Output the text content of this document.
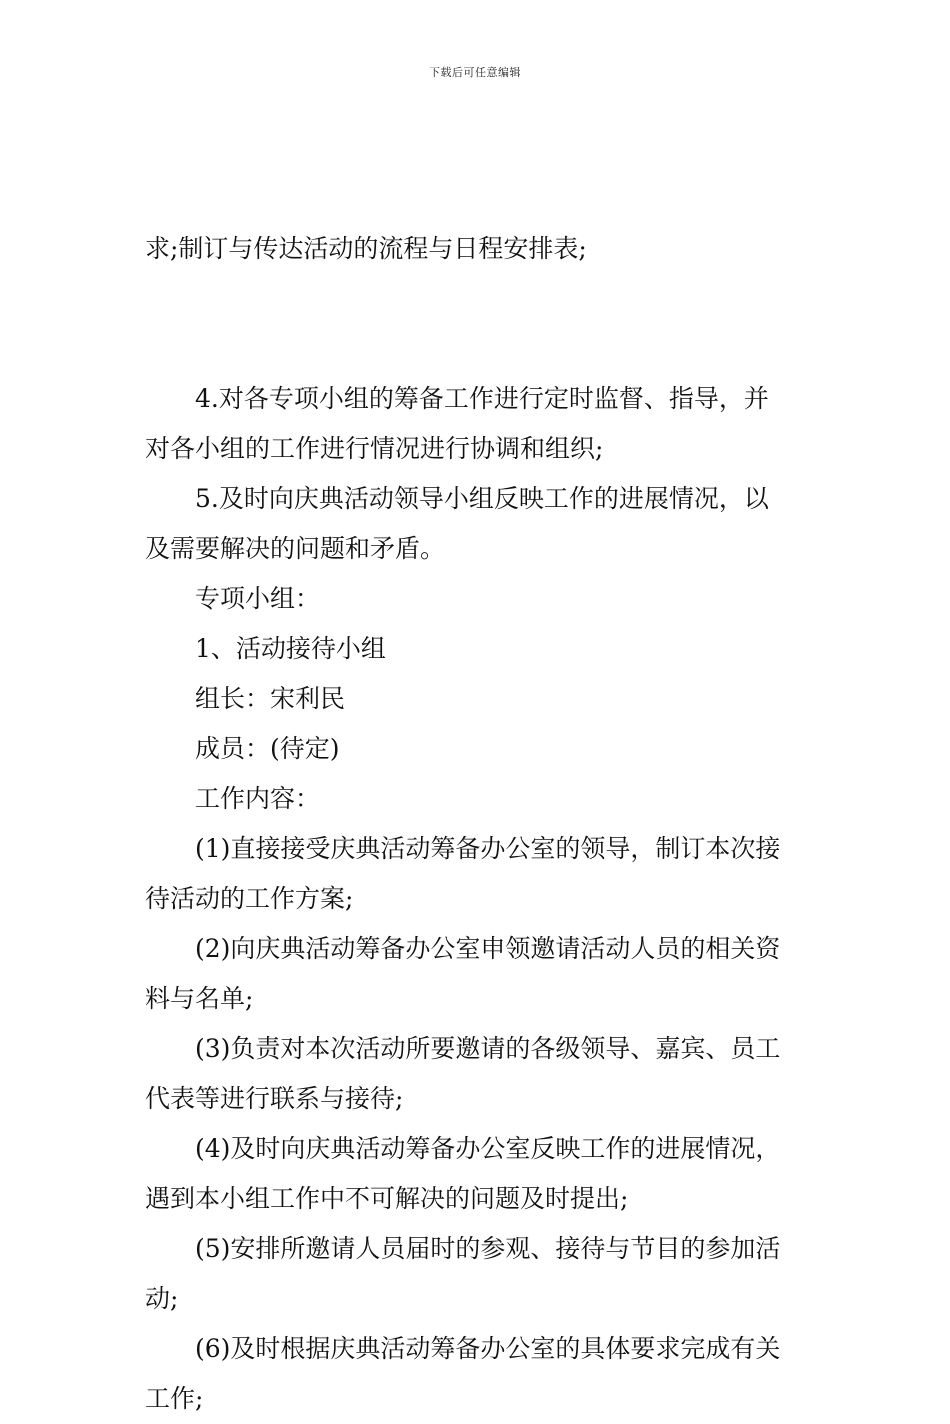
下载后可任意编辑

求;制订与传达活动的流程与日程安排表;

4.对各专项小组的筹备工作进行定时监督、指导，并
对各小组的工作进行情况进行协调和组织;

5.及时向庆典活动领导小组反映工作的进展情况，以
及需要解决的问题和矛盾。

专项小组：

1、活动接待小组

组长：宋利民

成员：(待定)

工作内容：

(1)直接接受庆典活动筹备办公室的领导，制订本次接
待活动的工作方案;

(2)向庆典活动筹备办公室申领邀请活动人员的相关资
料与名单;

(3)负责对本次活动所要邀请的各级领导、嘉宾、员工
代表等进行联系与接待;

(4)及时向庆典活动筹备办公室反映工作的进展情况，
遇到本小组工作中不可解决的问题及时提出;

(5)安排所邀请人员届时的参观、接待与节目的参加活
动;

(6)及时根据庆典活动筹备办公室的具体要求完成有关
工作;
